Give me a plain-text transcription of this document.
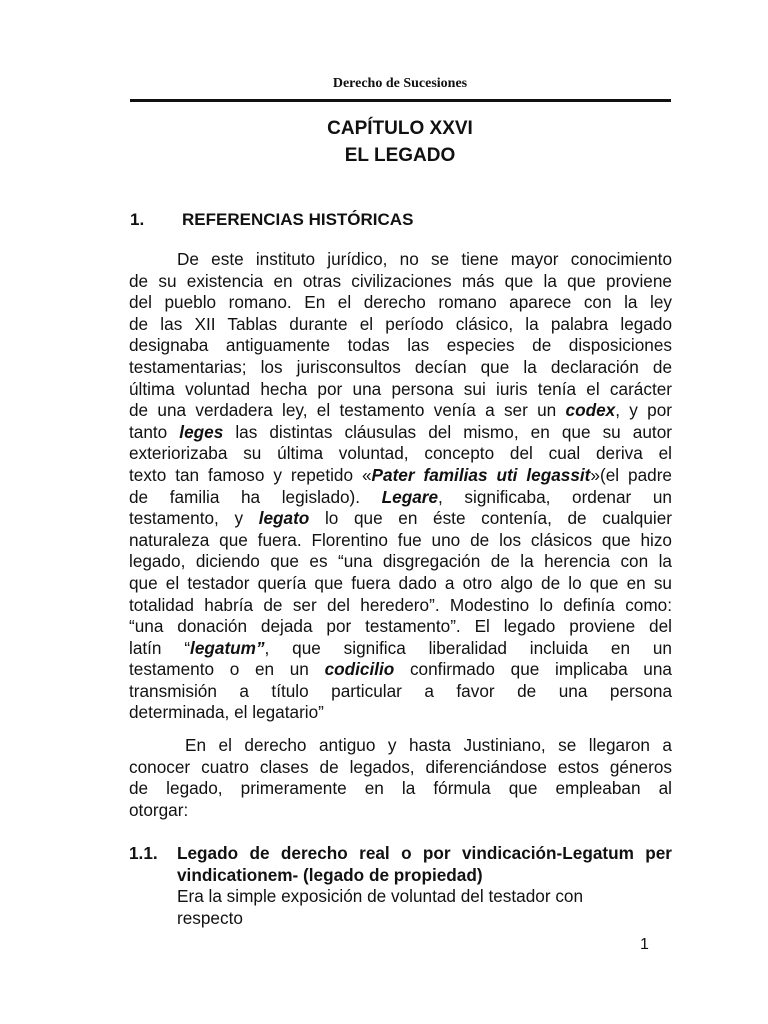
Derecho de Sucesiones
CAPÍTULO XXVI
EL LEGADO
1. REFERENCIAS HISTÓRICAS
De este instituto jurídico, no se tiene mayor conocimiento
de su existencia en otras civilizaciones más que la que proviene
del pueblo romano. En el derecho romano aparece con la ley
de las XII Tablas durante el período clásico, la palabra legado
designaba antiguamente todas las especies de disposiciones
testamentarias; los jurisconsultos decían que la declaración de
última voluntad hecha por una persona sui iuris tenía el carácter
de una verdadera ley, el testamento venía a ser un codex, y por
tanto leges las distintas cláusulas del mismo, en que su autor
exteriorizaba su última voluntad, concepto del cual deriva el
texto tan famoso y repetido «Pater familias uti legassit»(el padre
de familia ha legislado). Legare, significaba, ordenar un
testamento, y legato lo que en éste contenía, de cualquier
naturaleza que fuera. Florentino fue uno de los clásicos que hizo
legado, diciendo que es “una disgregación de la herencia con la
que el testador quería que fuera dado a otro algo de lo que en su
totalidad habría de ser del heredero”. Modestino lo definía como:
“una donación dejada por testamento”. El legado proviene del
latín “legatum”, que significa liberalidad incluida en un
testamento o en un codicilio confirmado que implicaba una
transmisión a título particular a favor de una persona
determinada, el legatario”
En el derecho antiguo y hasta Justiniano, se llegaron a
conocer cuatro clases de legados, diferenciándose estos géneros
de legado, primeramente en la fórmula que empleaban al
otorgar:
1.1. Legado de derecho real o por vindicación-Legatum per
vindicationem- (legado de propiedad)
Era la simple exposición de voluntad del testador con
respecto
1
